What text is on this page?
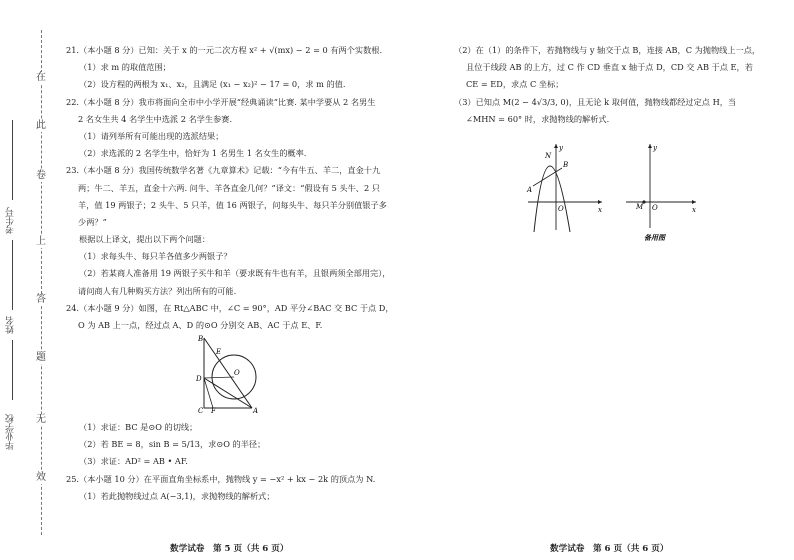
在
此
卷
上
答
题
无
效
考生号
姓名
毕业学校

21.（本小题 8 分）已知：关于 x 的一元二次方程 x² + √(mx) − 2 = 0 有两个实数根.

（1）求 m 的取值范围；

（2）设方程的两根为 x₁、x₂，且满足 (x₁ − x₂)² − 17 = 0，求 m 的值.

22.（本小题 8 分）我市将面向全市中小学开展“经典诵读”比赛. 某中学要从 2 名男生

2 名女生共 4 名学生中选派 2 名学生参赛.

（1）请列举所有可能出现的选派结果；

（2）求选派的 2 名学生中，恰好为 1 名男生 1 名女生的概率.

23.（本小题 8 分）我国传统数学名著《九章算术》记载：“今有牛五、羊二，直金十九

两；牛二、羊五，直金十六两. 问牛、羊各直金几何？”译文：“假设有 5 头牛、2 只

羊，值 19 两银子；2 头牛、5 只羊，值 16 两银子，问每头牛、每只羊分别值银子多

少两？”

根据以上译文，提出以下两个问题：

（1）求每头牛、每只羊各值多少两银子？

（2）若某商人准备用 19 两银子买牛和羊（要求既有牛也有羊，且银两须全部用完），

请问商人有几种购买方法？列出所有的可能.

24.（本小题 9 分）如图，在 Rt△ABC 中，∠C = 90°，AD 平分∠BAC 交 BC 于点 D，

O 为 AB 上一点，经过点 A、D 的⊙O 分别交 AB、AC 于点 E、F.

B
E
D
O
C F	A

（1）求证：BC 是⊙O 的切线；

（2）若 BE = 8，sin B = 5/13，求⊙O 的半径；

（3）求证：AD² = AB • AF.

25.（本小题 10 分）在平面直角坐标系中，抛物线 y = −x² + kx − 2k 的顶点为 N.

（1）若此抛物线过点 A(−3,1)，求抛物线的解析式；

数学试卷　第 5 页（共 6 页）

（2）在（1）的条件下，若抛物线与 y 轴交于点 B，连接 AB，C 为抛物线上一点，

且位于线段 AB 的上方，过 C 作 CD 垂直 x 轴于点 D，CD 交 AB 于点 E，若

CE = ED，求点 C 坐标；

（3）已知点 M(2 − 4√3/3, 0)，且无论 k 取何值，抛物线都经过定点 H，当

∠MHN = 60° 时，求抛物线的解析式.

y
N
B
A
O	x
y
M O	x
备用图
数学试卷　第 6 页（共 6 页）
